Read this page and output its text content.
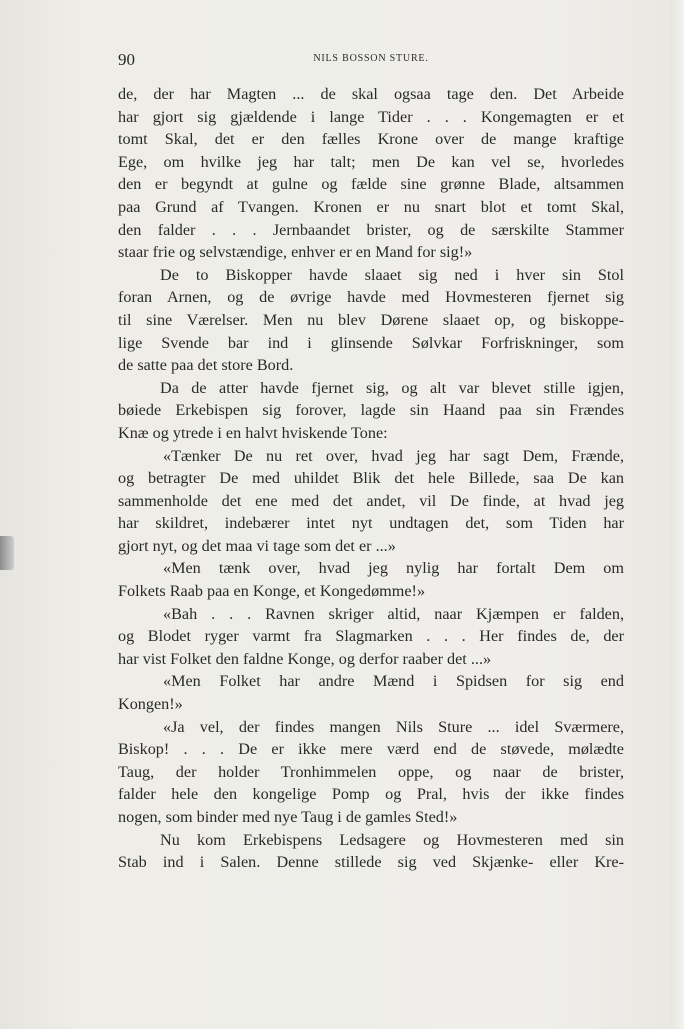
90	NILS BOSSON STURE.
de, der har Magten ... de skal ogsaa tage den. Det Arbeide
har gjort sig gjældende i lange Tider . . . Kongemagten er et
tomt Skal, det er den fælles Krone over de mange kraftige
Ege, om hvilke jeg har talt; men De kan vel se, hvorledes
den er begyndt at gulne og fælde sine grønne Blade, altsammen
paa Grund af Tvangen. Kronen er nu snart blot et tomt Skal,
den falder . . . Jernbaandet brister, og de særskilte Stammer
staar frie og selvstændige, enhver er en Mand for sig!»
De to Biskopper havde slaaet sig ned i hver sin Stol
foran Arnen, og de øvrige havde med Hovmesteren fjernet sig
til sine Værelser. Men nu blev Dørene slaaet op, og biskoppe-
lige Svende bar ind i glinsende Sølvkar Forfriskninger, som
de satte paa det store Bord.
Da de atter havde fjernet sig, og alt var blevet stille igjen,
bøiede Erkebispen sig forover, lagde sin Haand paa sin Frændes
Knæ og ytrede i en halvt hviskende Tone:
«Tænker De nu ret over, hvad jeg har sagt Dem, Frænde,
og betragter De med uhildet Blik det hele Billede, saa De kan
sammenholde det ene med det andet, vil De finde, at hvad jeg
har skildret, indebærer intet nyt undtagen det, som Tiden har
gjort nyt, og det maa vi tage som det er ...»
«Men tænk over, hvad jeg nylig har fortalt Dem om
Folkets Raab paa en Konge, et Kongedømme!»
«Bah . . . Ravnen skriger altid, naar Kjæmpen er falden,
og Blodet ryger varmt fra Slagmarken . . . Her findes de, der
har vist Folket den faldne Konge, og derfor raaber det ...»
«Men Folket har andre Mænd i Spidsen for sig end
Kongen!»
«Ja vel, der findes mangen Nils Sture ... idel Sværmere,
Biskop! . . . De er ikke mere værd end de støvede, mølædte
Taug, der holder Tronhimmelen oppe, og naar de brister,
falder hele den kongelige Pomp og Pral, hvis der ikke findes
nogen, som binder med nye Taug i de gamles Sted!»
Nu kom Erkebispens Ledsagere og Hovmesteren med sin
Stab ind i Salen. Denne stillede sig ved Skjænke- eller Kre-
